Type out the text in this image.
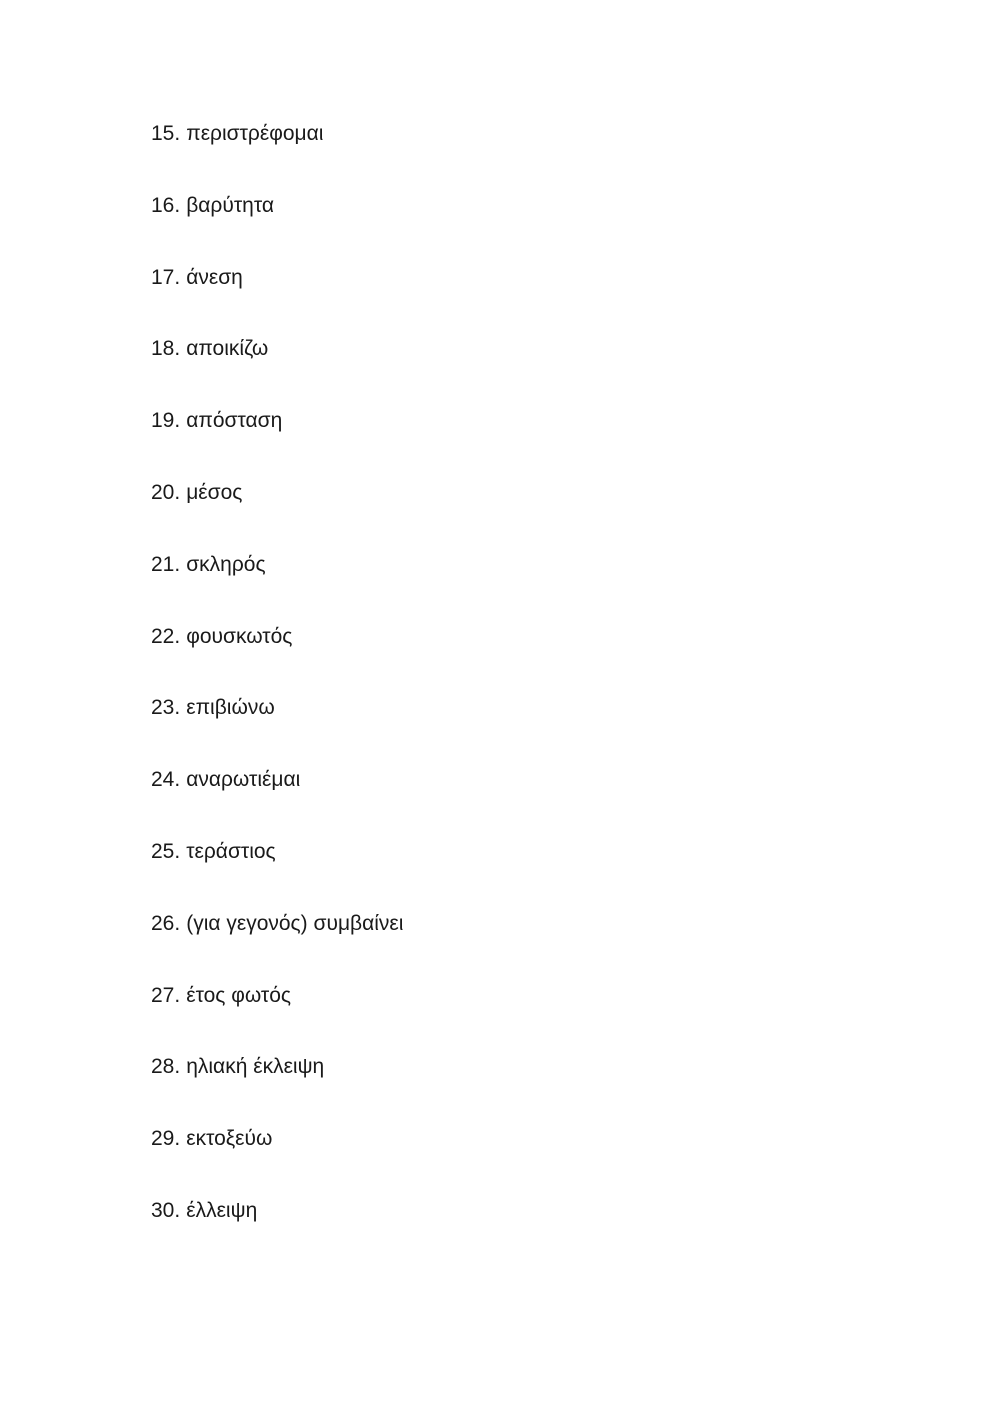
15. περιστρέφομαι
16. βαρύτητα
17. άνεση
18. αποικίζω
19. απόσταση
20. μέσος
21. σκληρός
22. φουσκωτός
23. επιβιώνω
24. αναρωτιέμαι
25. τεράστιος
26. (για γεγονός) συμβαίνει
27. έτος φωτός
28. ηλιακή έκλειψη
29. εκτοξεύω
30. έλλειψη
